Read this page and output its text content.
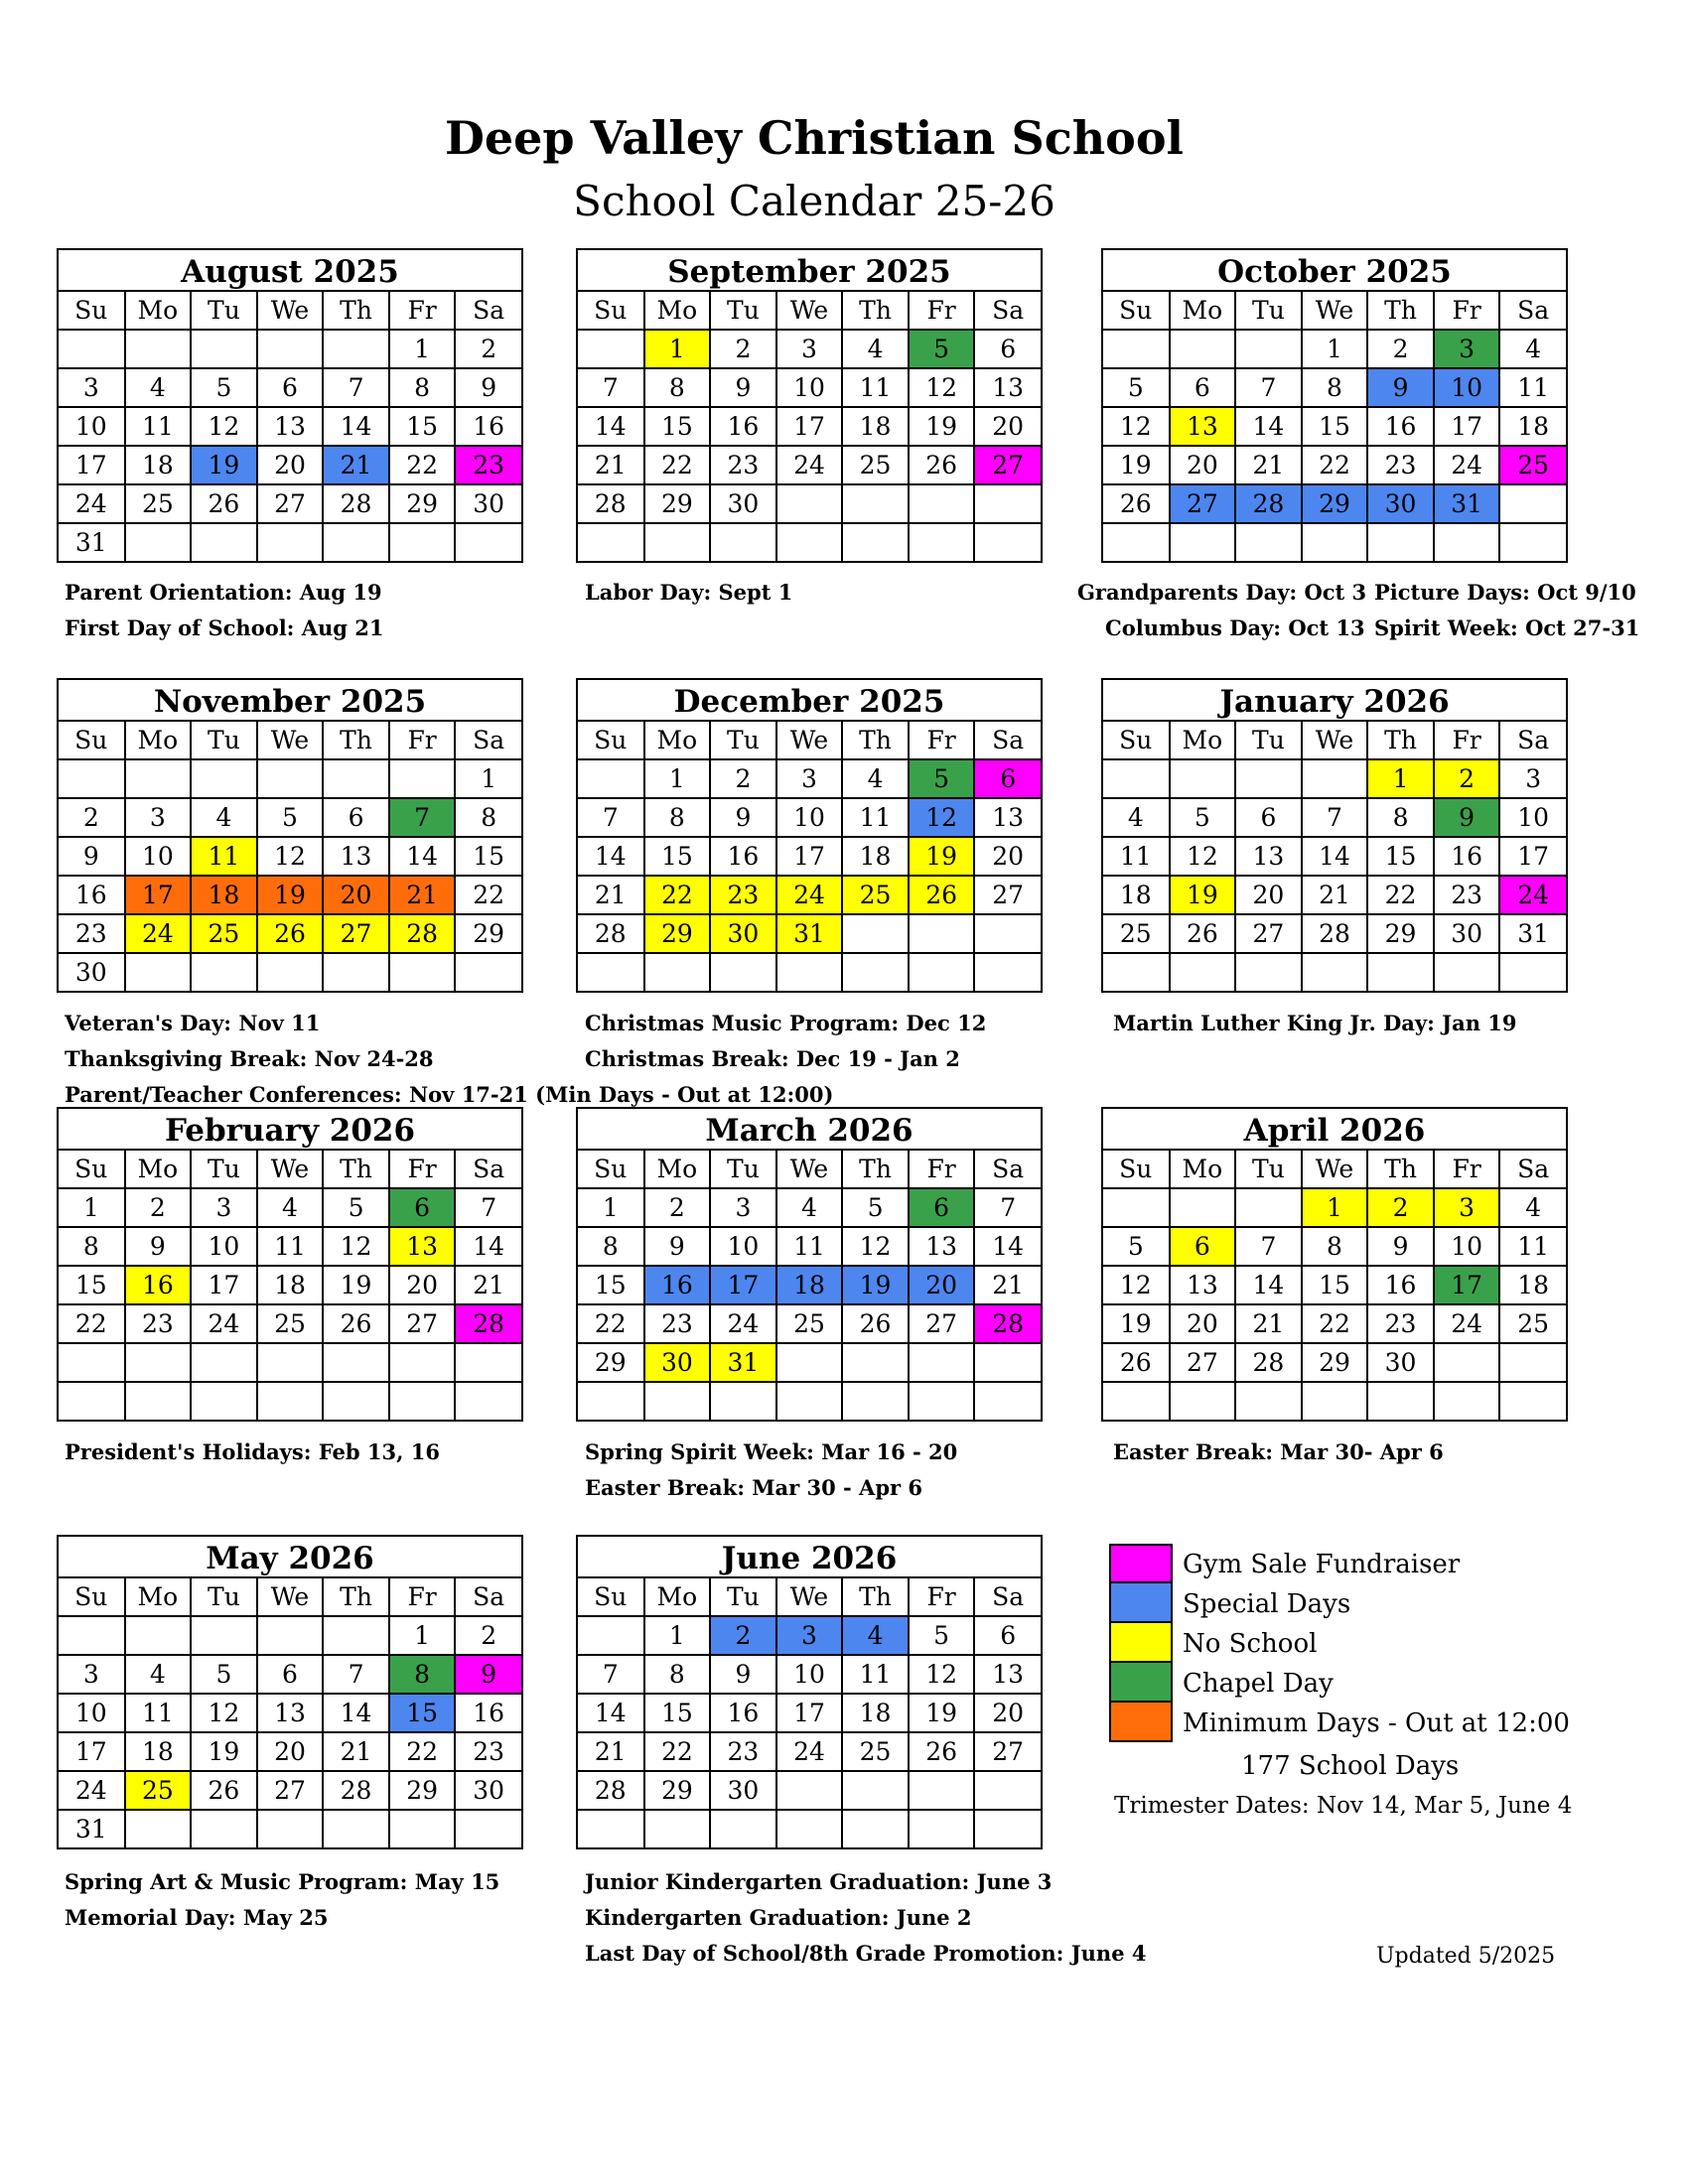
Deep Valley Christian School
School Calendar 25-26
August 2025
Su	Mo	Tu	We	Th	Fr	Sa
					1	2
3	4	5	6	7	8	9
10	11	12	13	14	15	16
17	18	19	20	21	22	23
24	25	26	27	28	29	30
31						
September 2025
Su	Mo	Tu	We	Th	Fr	Sa
	1	2	3	4	5	6
7	8	9	10	11	12	13
14	15	16	17	18	19	20
21	22	23	24	25	26	27
28	29	30				

October 2025
Su	Mo	Tu	We	Th	Fr	Sa
			1	2	3	4
5	6	7	8	9	10	11
12	13	14	15	16	17	18
19	20	21	22	23	24	25
26	27	28	29	30	31	

November 2025
Su	Mo	Tu	We	Th	Fr	Sa
						1
2	3	4	5	6	7	8
9	10	11	12	13	14	15
16	17	18	19	20	21	22
23	24	25	26	27	28	29
30						
December 2025
Su	Mo	Tu	We	Th	Fr	Sa
	1	2	3	4	5	6
7	8	9	10	11	12	13
14	15	16	17	18	19	20
21	22	23	24	25	26	27
28	29	30	31			

January 2026
Su	Mo	Tu	We	Th	Fr	Sa
				1	2	3
4	5	6	7	8	9	10
11	12	13	14	15	16	17
18	19	20	21	22	23	24
25	26	27	28	29	30	31

February 2026
Su	Mo	Tu	We	Th	Fr	Sa
1	2	3	4	5	6	7
8	9	10	11	12	13	14
15	16	17	18	19	20	21
22	23	24	25	26	27	28

March 2026
Su	Mo	Tu	We	Th	Fr	Sa
1	2	3	4	5	6	7
8	9	10	11	12	13	14
15	16	17	18	19	20	21
22	23	24	25	26	27	28
29	30	31				

April 2026
Su	Mo	Tu	We	Th	Fr	Sa
			1	2	3	4
5	6	7	8	9	10	11
12	13	14	15	16	17	18
19	20	21	22	23	24	25
26	27	28	29	30		

May 2026
Su	Mo	Tu	We	Th	Fr	Sa
					1	2
3	4	5	6	7	8	9
10	11	12	13	14	15	16
17	18	19	20	21	22	23
24	25	26	27	28	29	30
31						
June 2026
Su	Mo	Tu	We	Th	Fr	Sa
	1	2	3	4	5	6
7	8	9	10	11	12	13
14	15	16	17	18	19	20
21	22	23	24	25	26	27
28	29	30				

Parent Orientation: Aug 19
First Day of School: Aug 21
Labor Day: Sept 1	Grandparents Day: Oct 3 Picture Days: Oct 9/10
Columbus Day: Oct 13 Spirit Week: Oct 27-31
Veteran's Day: Nov 11
Thanksgiving Break: Nov 24-28
Parent/Teacher Conferences: Nov 17-21 (Min Days - Out at 12:00)
Christmas Music Program: Dec 12
Christmas Break: Dec 19 - Jan 2
Martin Luther King Jr. Day: Jan 19
President's Holidays: Feb 13, 16	Spring Spirit Week: Mar 16 - 20
Easter Break: Mar 30 - Apr 6
Easter Break: Mar 30- Apr 6
Spring Art & Music Program: May 15
Memorial Day: May 25
Junior Kindergarten Graduation: June 3
Kindergarten Graduation: June 2
Last Day of School/8th Grade Promotion: June 4
Gym Sale Fundraiser
Special Days
No School
Chapel Day
Minimum Days - Out at 12:00
177 School Days
Trimester Dates: Nov 14, Mar 5, June 4
Updated 5/2025
